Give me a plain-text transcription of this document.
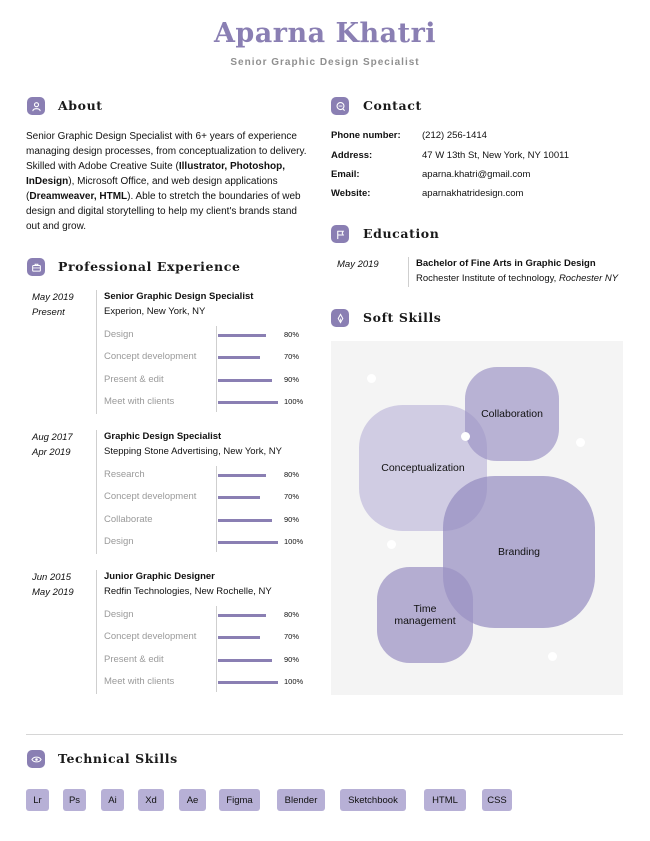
Aparna Khatri
Senior Graphic Design Specialist
About
Senior Graphic Design Specialist with 6+ years of experience managing design processes, from conceptualization to delivery. Skilled with Adobe Creative Suite (Illustrator, Photoshop, InDesign), Microsoft Office, and web design applications (Dreamweaver, HTML). Able to stretch the boundaries of web design and digital storytelling to help my client's brands stand out and grow.
Contact
Phone number: (212) 256-1414
Address:	47 W 13th St, New York, NY 10011
Email:	aparna.khatri@gmail.com
Website:	aparnakhatridesign.com
Education
May 2019	Bachelor of Fine Arts in Graphic Design
Rochester Institute of technology, Rochester NY
Professional Experience
May 2019
Present
Senior Graphic Design Specialist
Experion, New York, NY
Design	80%
Concept development	70%
Present & edit	90%
Meet with clients	100%
Aug 2017
Apr 2019
Graphic Design Specialist
Stepping Stone Advertising, New York, NY
Research	80%
Concept development	70%
Collaborate	90%
Design	100%
Jun 2015
May 2019
Junior Graphic Designer
Redfin Technologies, New Rochelle, NY
Design	80%
Concept development	70%
Present & edit	90%
Meet with clients	100%
Soft Skills
Conceptualization
Collaboration
Branding
Time management
Technical Skills
Lr	Ps	Ai	Xd	Ae	Figma	Blender	Sketchbook	HTML	CSS
